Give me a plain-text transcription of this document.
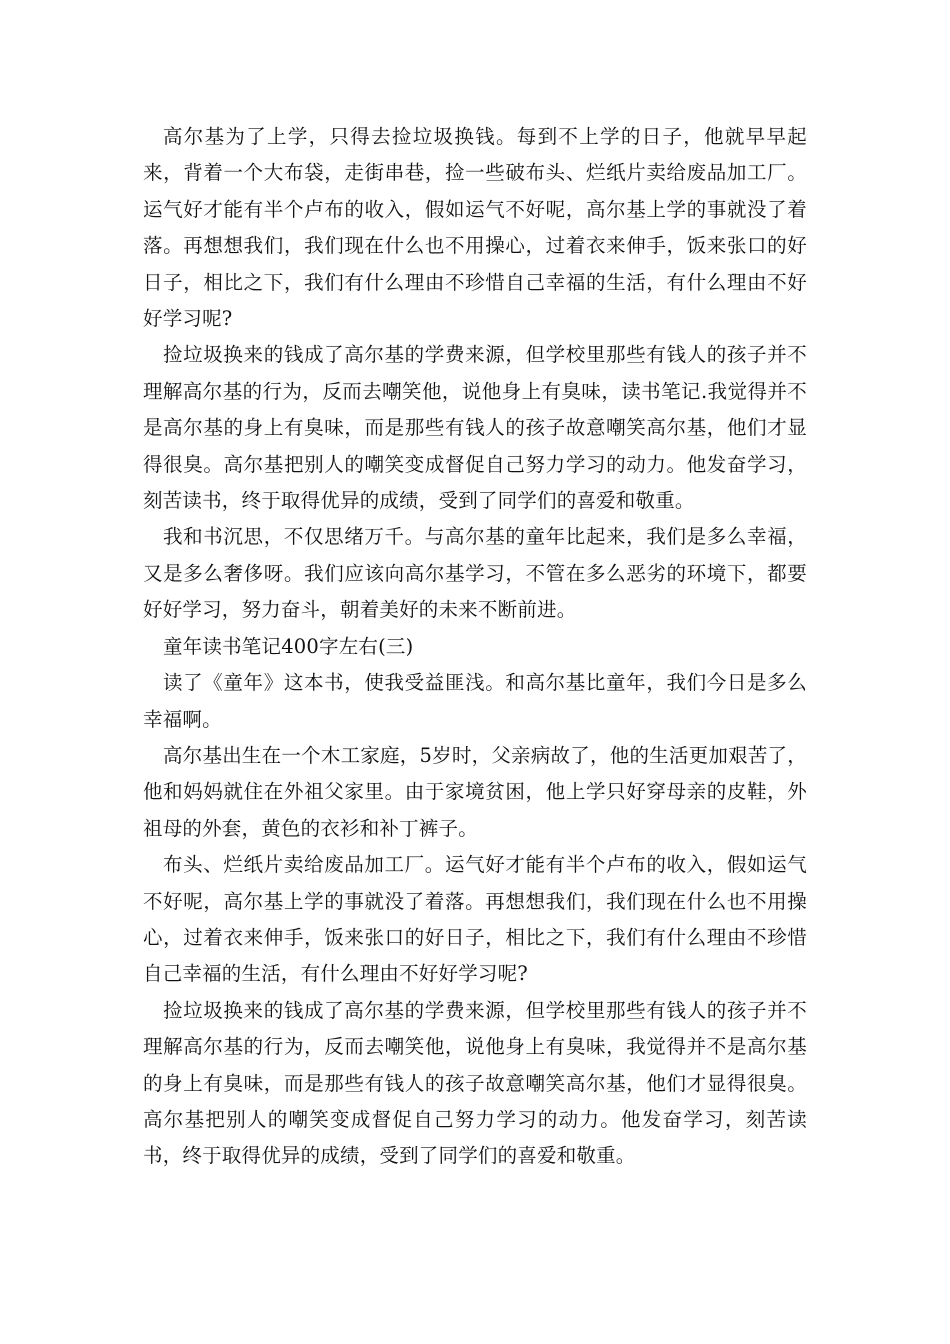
高尔基为了上学，只得去捡垃圾换钱。每到不上学的日子，他就早早起来，背着一个大布袋，走街串巷，捡一些破布头、烂纸片卖给废品加工厂。运气好才能有半个卢布的收入，假如运气不好呢，高尔基上学的事就没了着落。再想想我们，我们现在什么也不用操心，过着衣来伸手，饭来张口的好日子，相比之下，我们有什么理由不珍惜自己幸福的生活，有什么理由不好好学习呢?

捡垃圾换来的钱成了高尔基的学费来源，但学校里那些有钱人的孩子并不理解高尔基的行为，反而去嘲笑他，说他身上有臭味，读书笔记.我觉得并不是高尔基的身上有臭味，而是那些有钱人的孩子故意嘲笑高尔基，他们才显得很臭。高尔基把别人的嘲笑变成督促自己努力学习的动力。他发奋学习，刻苦读书，终于取得优异的成绩，受到了同学们的喜爱和敬重。

我和书沉思，不仅思绪万千。与高尔基的童年比起来，我们是多么幸福，又是多么奢侈呀。我们应该向高尔基学习，不管在多么恶劣的环境下，都要好好学习，努力奋斗，朝着美好的未来不断前进。

童年读书笔记400字左右(三)

读了《童年》这本书，使我受益匪浅。和高尔基比童年，我们今日是多么幸福啊。

高尔基出生在一个木工家庭，5岁时，父亲病故了，他的生活更加艰苦了，他和妈妈就住在外祖父家里。由于家境贫困，他上学只好穿母亲的皮鞋，外祖母的外套，黄色的衣衫和补丁裤子。

布头、烂纸片卖给废品加工厂。运气好才能有半个卢布的收入，假如运气不好呢，高尔基上学的事就没了着落。再想想我们，我们现在什么也不用操心，过着衣来伸手，饭来张口的好日子，相比之下，我们有什么理由不珍惜自己幸福的生活，有什么理由不好好学习呢?

捡垃圾换来的钱成了高尔基的学费来源，但学校里那些有钱人的孩子并不理解高尔基的行为，反而去嘲笑他，说他身上有臭味，我觉得并不是高尔基的身上有臭味，而是那些有钱人的孩子故意嘲笑高尔基，他们才显得很臭。高尔基把别人的嘲笑变成督促自己努力学习的动力。他发奋学习，刻苦读书，终于取得优异的成绩，受到了同学们的喜爱和敬重。
